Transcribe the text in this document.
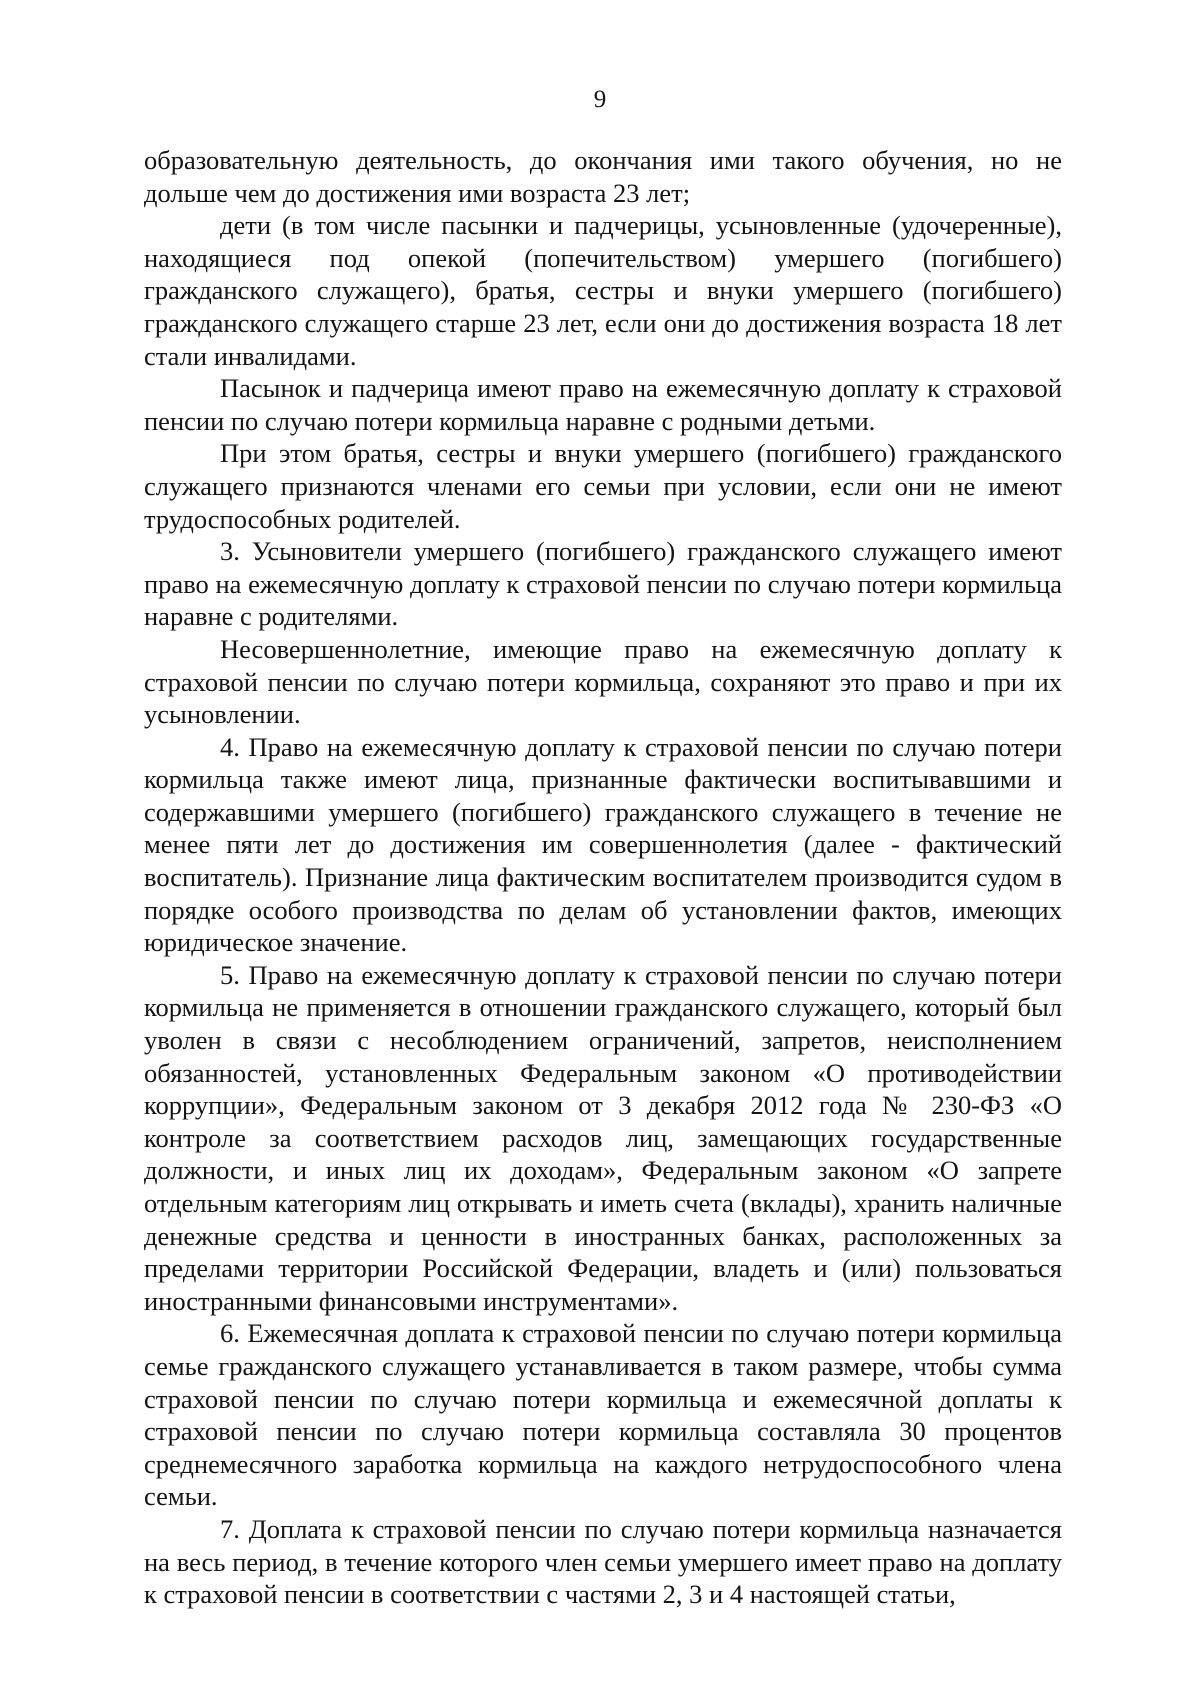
9

образовательную деятельность, до окончания ими такого обучения, но не дольше чем до достижения ими возраста 23 лет;

дети (в том числе пасынки и падчерицы, усыновленные (удочеренные), находящиеся под опекой (попечительством) умершего (погибшего) гражданского служащего), братья, сестры и внуки умершего (погибшего) гражданского служащего старше 23 лет, если они до достижения возраста 18 лет стали инвалидами.

Пасынок и падчерица имеют право на ежемесячную доплату к страховой пенсии по случаю потери кормильца наравне с родными детьми.

При этом братья, сестры и внуки умершего (погибшего) гражданского служащего признаются членами его семьи при условии, если они не имеют трудоспособных родителей.

3. Усыновители умершего (погибшего) гражданского служащего имеют право на ежемесячную доплату к страховой пенсии по случаю потери кормильца наравне с родителями.

Несовершеннолетние, имеющие право на ежемесячную доплату к страховой пенсии по случаю потери кормильца, сохраняют это право и при их усыновлении.

4. Право на ежемесячную доплату к страховой пенсии по случаю потери кормильца также имеют лица, признанные фактически воспитывавшими и содержавшими умершего (погибшего) гражданского служащего в течение не менее пяти лет до достижения им совершеннолетия (далее - фактический воспитатель). Признание лица фактическим воспитателем производится судом в порядке особого производства по делам об установлении фактов, имеющих юридическое значение.

5. Право на ежемесячную доплату к страховой пенсии по случаю потери кормильца не применяется в отношении гражданского служащего, который был уволен в связи с несоблюдением ограничений, запретов, неисполнением обязанностей, установленных Федеральным законом «О противодействии коррупции», Федеральным законом от 3 декабря 2012 года № 230-ФЗ «О контроле за соответствием расходов лиц, замещающих государственные должности, и иных лиц их доходам», Федеральным законом «О запрете отдельным категориям лиц открывать и иметь счета (вклады), хранить наличные денежные средства и ценности в иностранных банках, расположенных за пределами территории Российской Федерации, владеть и (или) пользоваться иностранными финансовыми инструментами».

6. Ежемесячная доплата к страховой пенсии по случаю потери кормильца семье гражданского служащего устанавливается в таком размере, чтобы сумма страховой пенсии по случаю потери кормильца и ежемесячной доплаты к страховой пенсии по случаю потери кормильца составляла 30 процентов среднемесячного заработка кормильца на каждого нетрудоспособного члена семьи.

7. Доплата к страховой пенсии по случаю потери кормильца назначается на весь период, в течение которого член семьи умершего имеет право на доплату к страховой пенсии в соответствии с частями 2, 3 и 4 настоящей статьи,
